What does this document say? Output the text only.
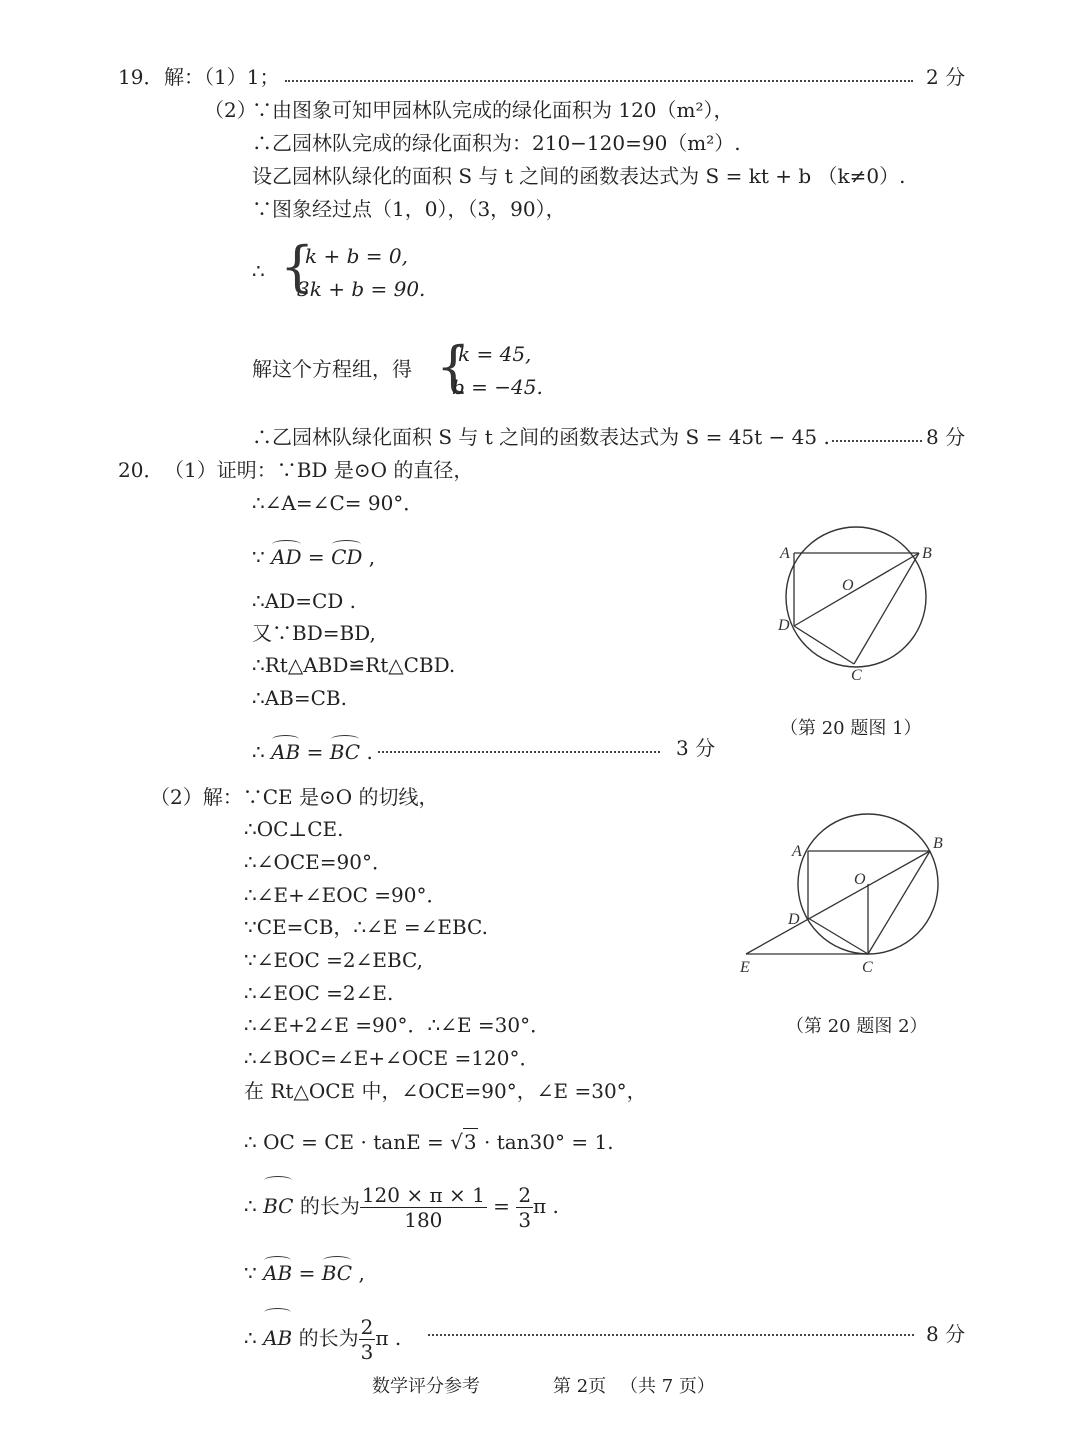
19． 解：（1）1；	2 分
（2）
∵由图象可知甲园林队完成的绿化面积为 120（m²），
∴乙园林队完成的绿化面积为：210−120=90（m²）.
设乙园林队绿化的面积 S 与 t 之间的函数表达式为 S = kt + b （k≠0）.
∵图象经过点（1，0），（3，90），
∴ {
k + b = 0,
3k + b = 90.
解这个方程组，得 {
k = 45,
b = −45.
∴乙园林队绿化面积 S 与 t 之间的函数表达式为 S = 45t − 45 .	8 分
20． （1）证明：∵BD 是⊙O 的直径，
∴∠A=∠C= 90°．
∵ AD = CD ,
∴AD=CD .
又∵BD=BD,
∴Rt△ABD≌Rt△CBD.
∴AB=CB.
∴ AB = BC .	3 分
A	B
O
D
C
（第 20 题图 1）
（2）解：∵CE 是⊙O 的切线，
∴OC⊥CE.
∴∠OCE=90°．
∴∠E+∠EOC =90°．
∵CE=CB，∴∠E =∠EBC.
∵∠EOC =2∠EBC,
∴∠EOC =2∠E.
∴∠E+2∠E =90°．∴∠E =30°．
∴∠BOC=∠E+∠OCE =120°．
在 Rt△OCE 中，∠OCE=90°，∠E =30°，
∴ OC = CE · tanE = √3 · tan30° = 1.
∴ BC 的长为 $\frac{120 \times \pi \times 1}{180} = \frac{2}{3}$ π .
∵ AB = BC ,
∴ AB 的长为 $\frac{2}{3}$ π .	8 分
A	B
O
D
E	C
（第 20 题图 2）
数学评分参考	第 2页 （共 7 页）
